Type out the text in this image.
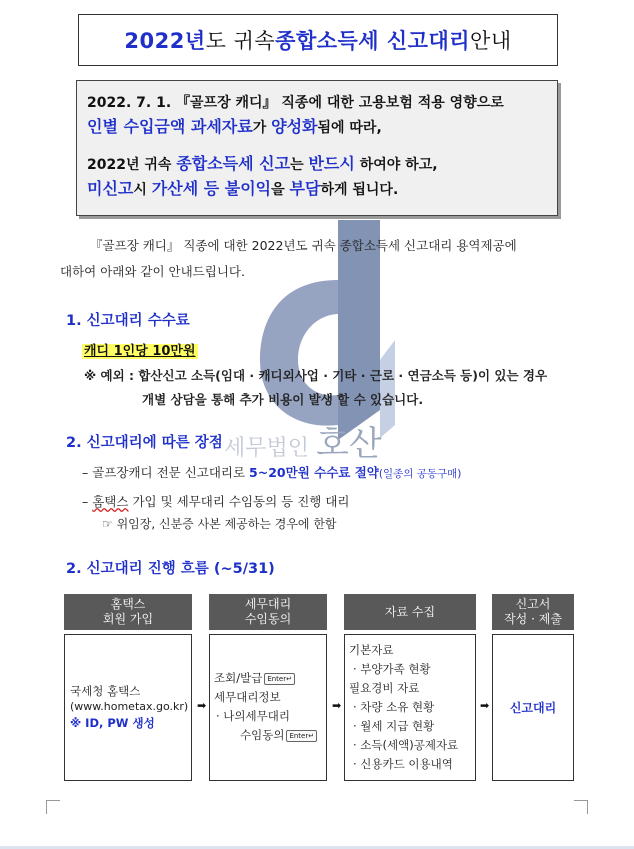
2022년 도 귀속 종합소득세 신고대리 안내
2022. 7. 1. 『골프장 캐디』 직종에 대한 고용보험 적용 영향으로
인별 수입금액 과세자료가 양성화됨에 따라,
2022년 귀속 종합소득세 신고는 반드시 하여야 하고,
미신고시 가산세 등 불이익을 부담하게 됩니다.
세무법인 호산
『골프장 캐디』 직종에 대한 2022년도 귀속 종합소득세 신고대리 용역제공에
대하여 아래와 같이 안내드립니다.
1. 신고대리 수수료
캐디 1인당 10만원
※ 예외 : 합산신고 소득(임대 · 캐디외사업 · 기타 · 근로 · 연금소득 등)이 있는 경우
개별 상담을 통해 추가 비용이 발생 할 수 있습니다.
2. 신고대리에 따른 장점
– 골프장캐디 전문 신고대리로 5~20만원 수수료 절약(일종의 공동구매)
– 홈택스 가입 및 세무대리 수임동의 등 진행 대리
☞ 위임장, 신분증 사본 제공하는 경우에 한함
2. 신고대리 진행 흐름 (~5/31)
홈택스
회원 가입
세무대리
수임동의
자료 수집
신고서
작성 · 제출
국세청 홈택스
(www.hometax.go.kr)
※ ID, PW 생성
➡
조회/발급 Enter↵
세무대리정보
· 나의세무대리
수임동의 Enter↵
➡
기본자료
· 부양가족 현황
필요경비 자료
· 차량 소유 현황
· 월세 지급 현황
· 소득(세액)공제자료
· 신용카드 이용내역
➡ 신고대리
